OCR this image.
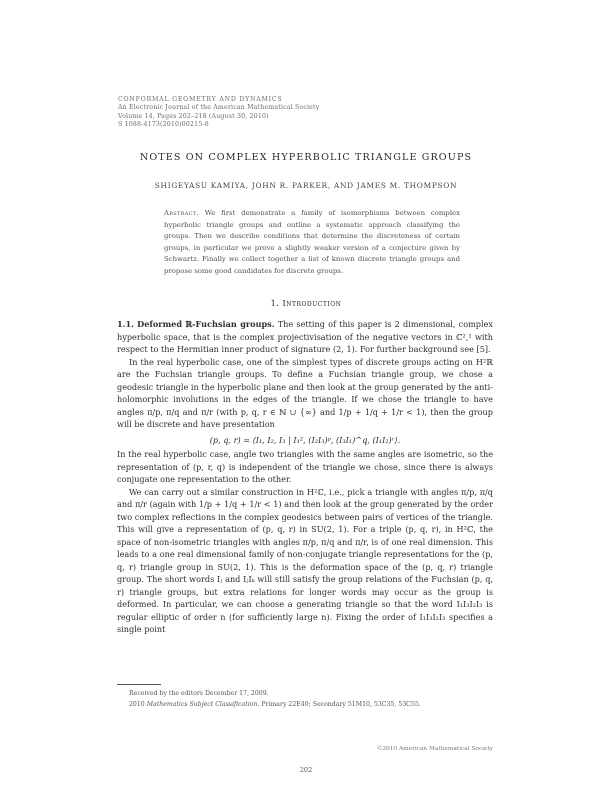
CONFORMAL GEOMETRY AND DYNAMICS
An Electronic Journal of the American Mathematical Society
Volume 14, Pages 202–218 (August 30, 2010)
S 1088-4173(2010)00215-8
NOTES ON COMPLEX HYPERBOLIC TRIANGLE GROUPS
SHIGEYASU KAMIYA, JOHN R. PARKER, AND JAMES M. THOMPSON
Abstract. We first demonstrate a family of isomorphisms between complex hyperbolic triangle groups and outline a systematic approach classifying the groups. Then we describe conditions that determine the discreteness of certain groups, in particular we prove a slightly weaker version of a conjecture given by Schwartz. Finally we collect together a list of known discrete triangle groups and propose some good candidates for discrete groups.
1. Introduction

1.1. Deformed ℝ-Fuchsian groups. The setting of this paper is 2 dimensional, complex hyperbolic space, that is the complex projectivisation of the negative vectors in ℂ²,¹ with respect to the Hermitian inner product of signature (2, 1). For further background see [5].

In the real hyperbolic case, one of the simplest types of discrete groups acting on H²ℝ are the Fuchsian triangle groups. To define a Fuchsian triangle group, we chose a geodesic triangle in the hyperbolic plane and then look at the group generated by the anti-holomorphic involutions in the edges of the triangle. If we chose the triangle to have angles π/p, π/q and π/r (with p, q, r ∈ ℕ ∪ {∞} and 1/p + 1/q + 1/r < 1), then the group will be discrete and have presentation

(p, q, r) = ⟨I₁, I₂, I₃ | I₁², (I₂I₃)ᵖ, (I₃I₁)^q, (I₁I₂)ʳ⟩.

In the real hyperbolic case, angle two triangles with the same angles are isometric, so the representation of (p, r, q) is independent of the triangle we chose, since there is always conjugate one representation to the other.

We can carry out a similar construction in H²ℂ, i.e., pick a triangle with angles π/p, π/q and π/r (again with 1/p + 1/q + 1/r < 1) and then look at the group generated by the order two complex reflections in the complex geodesics between pairs of vertices of the triangle. This will give a representation of (p, q, r) in SU(2, 1). For a triple (p, q, r), in H²ℂ, the space of non-isometric triangles with angles π/p, π/q and π/r, is of one real dimension. This leads to a one real dimensional family of non-conjugate triangle representations for the (p, q, r) triangle group in SU(2, 1). This is the deformation space of the (p, q, r) triangle group. The short words Iⱼ and IⱼIₖ will still satisfy the group relations of the Fuchsian (p, q, r) triangle groups, but extra relations for longer words may occur as the group is deformed. In particular, we can choose a generating triangle so that the word I₁I₃I₂I₃ is regular elliptic of order n (for sufficiently large n). Fixing the order of I₁I₃I₂I₃ specifies a single point

Received by the editors December 17, 2009.

2010 Mathematics Subject Classification. Primary 22E40; Secondary 51M10, 53C35, 53C55.

©2010 American Mathematical Society
202
